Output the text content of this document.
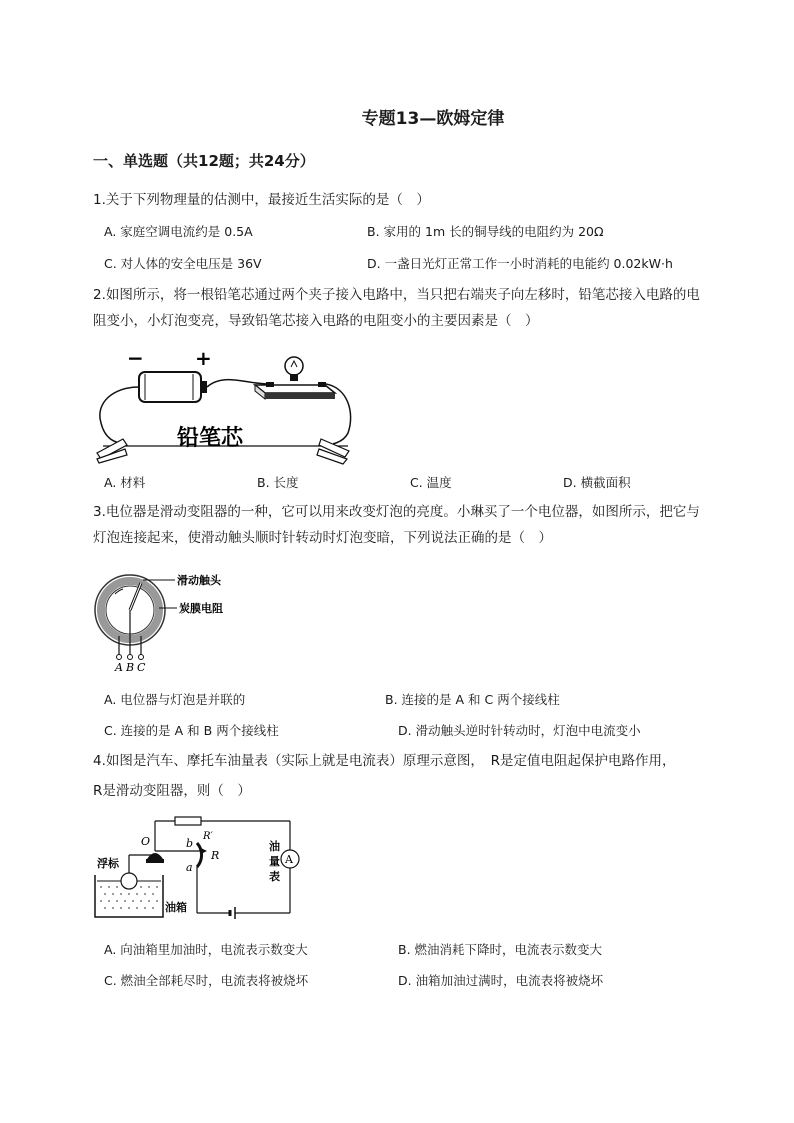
专题13—欧姆定律
一、单选题（共12题；共24分）
1.关于下列物理量的估测中，最接近生活实际的是（　）
A. 家庭空调电流约是 0.5A	B. 家用的 1m 长的铜导线的电阻约为 20Ω
C. 对人体的安全电压是 36V	D. 一盏日光灯正常工作一小时消耗的电能约 0.02kW·h
2.如图所示，将一根铅笔芯通过两个夹子接入电路中，当只把右端夹子向左移时，铅笔芯接入电路的电阻变小，小灯泡变亮，导致铅笔芯接入电路的电阻变小的主要因素是（　）
−	+
铅笔芯
A. 材料	B. 长度	C. 温度	D. 横截面积
3.电位器是滑动变阻器的一种，它可以用来改变灯泡的亮度。小琳买了一个电位器，如图所示，把它与灯泡连接起来，使滑动触头顺时针转动时灯泡变暗，下列说法正确的是（　）
A B C
滑动触头
炭膜电阻
A. 电位器与灯泡是并联的	B. 连接的是 A 和 C 两个接线柱
C. 连接的是 A 和 B 两个接线柱	D. 滑动触头逆时针转动时，灯泡中电流变小
4.如图是汽车、摩托车油量表（实际上就是电流表）原理示意图，　R是定值电阻起保护电路作用，
R是滑动变阻器，则（　）
A
O	b
a
R
R′
浮标
油箱
油
量
表
A. 向油箱里加油时，电流表示数变大	B. 燃油消耗下降时，电流表示数变大
C. 燃油全部耗尽时，电流表将被烧坏	D. 油箱加油过满时，电流表将被烧坏
